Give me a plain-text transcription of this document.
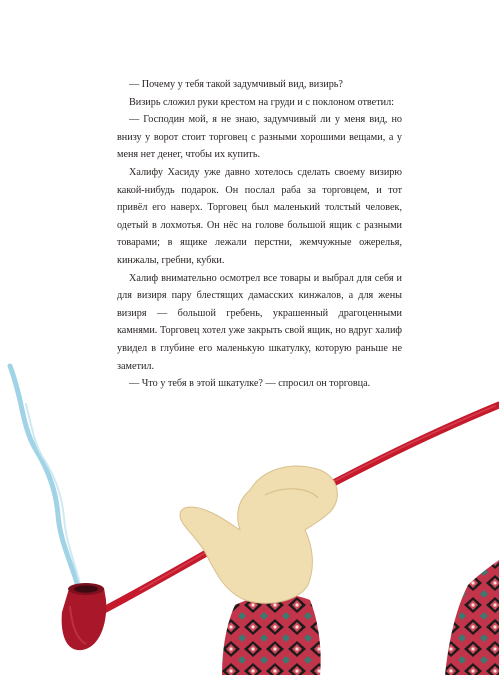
— Почему у тебя такой задумчивый вид, визирь?

Визирь сложил руки крестом на груди и с поклоном ответил:

— Господин мой, я не знаю, задумчивый ли у меня вид, но внизу у ворот стоит торговец с разными хорошими вещами, а у меня нет денег, чтобы их купить.

Халифу Хасиду уже давно хотелось сделать своему визирю какой-нибудь подарок. Он послал раба за торговцем, и тот привёл его наверх. Торговец был маленький толстый человек, одетый в лохмотья. Он нёс на голове большой ящик с разными товарами; в ящике лежали перстни, жемчужные ожерелья, кинжалы, гребни, кубки.

Халиф внимательно осмотрел все товары и выбрал для себя и для визиря пару блестящих дамасских кинжалов, а для жены визиря — большой гребень, украшенный драгоценными камнями. Торговец хотел уже закрыть свой ящик, но вдруг халиф увидел в глубине его маленькую шкатулку, которую раньше не заметил.

— Что у тебя в этой шкатулке? — спросил он торговца.
